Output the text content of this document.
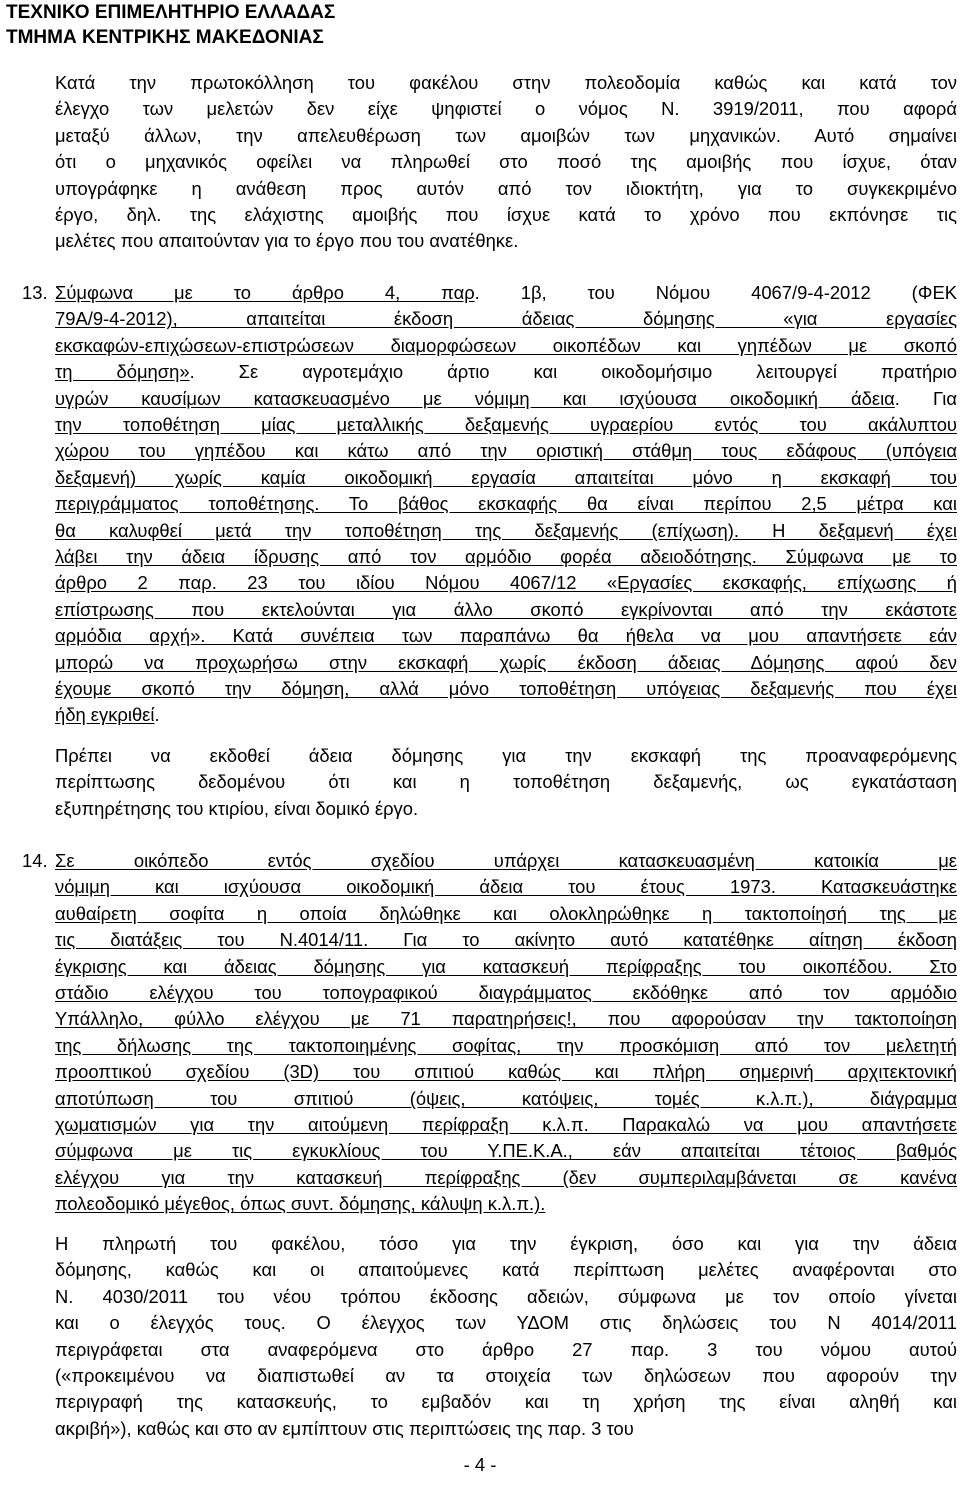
ΤΕΧΝΙΚΟ ΕΠΙΜΕΛΗΤΗΡΙΟ ΕΛΛΑΔΑΣ
ΤΜΗΜΑ ΚΕΝΤΡΙΚΗΣ ΜΑΚΕΔΟΝΙΑΣ
Κατά την πρωτοκόλληση του φακέλου στην πολεοδομία καθώς και κατά τον
έλεγχο των μελετών δεν είχε ψηφιστεί ο νόμος Ν. 3919/2011, που αφορά
μεταξύ άλλων, την απελευθέρωση των αμοιβών των μηχανικών. Αυτό σημαίνει
ότι ο μηχανικός οφείλει να πληρωθεί στο ποσό της αμοιβής που ίσχυε, όταν
υπογράφηκε η ανάθεση προς αυτόν από τον ιδιοκτήτη, για το συγκεκριμένο
έργο, δηλ. της ελάχιστης αμοιβής που ίσχυε κατά το χρόνο που εκπόνησε τις
μελέτες που απαιτούνταν για το έργο που του ανατέθηκε.
13. Σύμφωνα με το άρθρο 4, παρ. 1β, του Νόμου 4067/9-4-2012 (ΦΕΚ
79Α/9-4-2012), απαιτείται έκδοση άδειας δόμησης «για εργασίες
εκσκαφών-επιχώσεων-επιστρώσεων διαμορφώσεων οικοπέδων και γηπέδων με σκοπό
τη δόμηση». Σε αγροτεμάχιο άρτιο και οικοδομήσιμο λειτουργεί πρατήριο
υγρών καυσίμων κατασκευασμένο με νόμιμη και ισχύουσα οικοδομική άδεια. Για
την τοποθέτηση μίας μεταλλικής δεξαμενής υγραερίου εντός του ακάλυπτου
χώρου του γηπέδου και κάτω από την οριστική στάθμη τους εδάφους (υπόγεια
δεξαμενή) χωρίς καμία οικοδομική εργασία απαιτείται μόνο η εκσκαφή του
περιγράμματος τοποθέτησης. Το βάθος εκσκαφής θα είναι περίπου 2,5 μέτρα και
θα καλυφθεί μετά την τοποθέτηση της δεξαμενής (επίχωση). Η δεξαμενή έχει
λάβει την άδεια ίδρυσης από τον αρμόδιο φορέα αδειοδότησης. Σύμφωνα με το
άρθρο 2 παρ. 23 του ιδίου Νόμου 4067/12 «Εργασίες εκσκαφής, επίχωσης ή
επίστρωσης που εκτελούνται για άλλο σκοπό εγκρίνονται από την εκάστοτε
αρμόδια αρχή». Κατά συνέπεια των παραπάνω θα ήθελα να μου απαντήσετε εάν
μπορώ να προχωρήσω στην εκσκαφή χωρίς έκδοση άδειας Δόμησης αφού δεν
έχουμε σκοπό την δόμηση, αλλά μόνο τοποθέτηση υπόγειας δεξαμενής που έχει
ήδη εγκριθεί.
Πρέπει να εκδοθεί άδεια δόμησης για την εκσκαφή της προαναφερόμενης
περίπτωσης δεδομένου ότι και η τοποθέτηση δεξαμενής, ως εγκατάσταση
εξυπηρέτησης του κτιρίου, είναι δομικό έργο.
14. Σε οικόπεδο εντός σχεδίου υπάρχει κατασκευασμένη κατοικία με
νόμιμη και ισχύουσα οικοδομική άδεια του έτους 1973. Κατασκευάστηκε
αυθαίρετη σοφίτα η οποία δηλώθηκε και ολοκληρώθηκε η τακτοποίησή της με
τις διατάξεις του Ν.4014/11. Για το ακίνητο αυτό κατατέθηκε αίτηση έκδοση
έγκρισης και άδειας δόμησης για κατασκευή περίφραξης του οικοπέδου. Στο
στάδιο ελέγχου του τοπογραφικού διαγράμματος εκδόθηκε από τον αρμόδιο
Υπάλληλο, φύλλο ελέγχου με 71 παρατηρήσεις!, που αφορούσαν την τακτοποίηση
της δήλωσης της τακτοποιημένης σοφίτας, την προσκόμιση από τον μελετητή
προοπτικού σχεδίου (3D) του σπιτιού καθώς και πλήρη σημερινή αρχιτεκτονική
αποτύπωση του σπιτιού (όψεις, κατόψεις, τομές κ.λ.π.), διάγραμμα
χωματισμών για την αιτούμενη περίφραξη κ.λ.π. Παρακαλώ να μου απαντήσετε
σύμφωνα με τις εγκυκλίους του Υ.ΠΕ.Κ.Α., εάν απαιτείται τέτοιος βαθμός
ελέγχου για την κατασκευή περίφραξης (δεν συμπεριλαμβάνεται σε κανένα
πολεοδομικό μέγεθος, όπως συντ. δόμησης, κάλυψη κ.λ.π.).
Η πληρωτή του φακέλου, τόσο για την έγκριση, όσο και για την άδεια
δόμησης, καθώς και οι απαιτούμενες κατά περίπτωση μελέτες αναφέρονται στο
Ν. 4030/2011 του νέου τρόπου έκδοσης αδειών, σύμφωνα με τον οποίο γίνεται
και ο έλεγχός τους. Ο έλεγχος των ΥΔΟΜ στις δηλώσεις του Ν 4014/2011
περιγράφεται στα αναφερόμενα στο άρθρο 27 παρ. 3 του νόμου αυτού
(«προκειμένου να διαπιστωθεί αν τα στοιχεία των δηλώσεων που αφορούν την
περιγραφή της κατασκευής, το εμβαδόν και τη χρήση της είναι αληθή και
ακριβή»), καθώς και στο αν εμπίπτουν στις περιπτώσεις της παρ. 3 του
- 4 -
